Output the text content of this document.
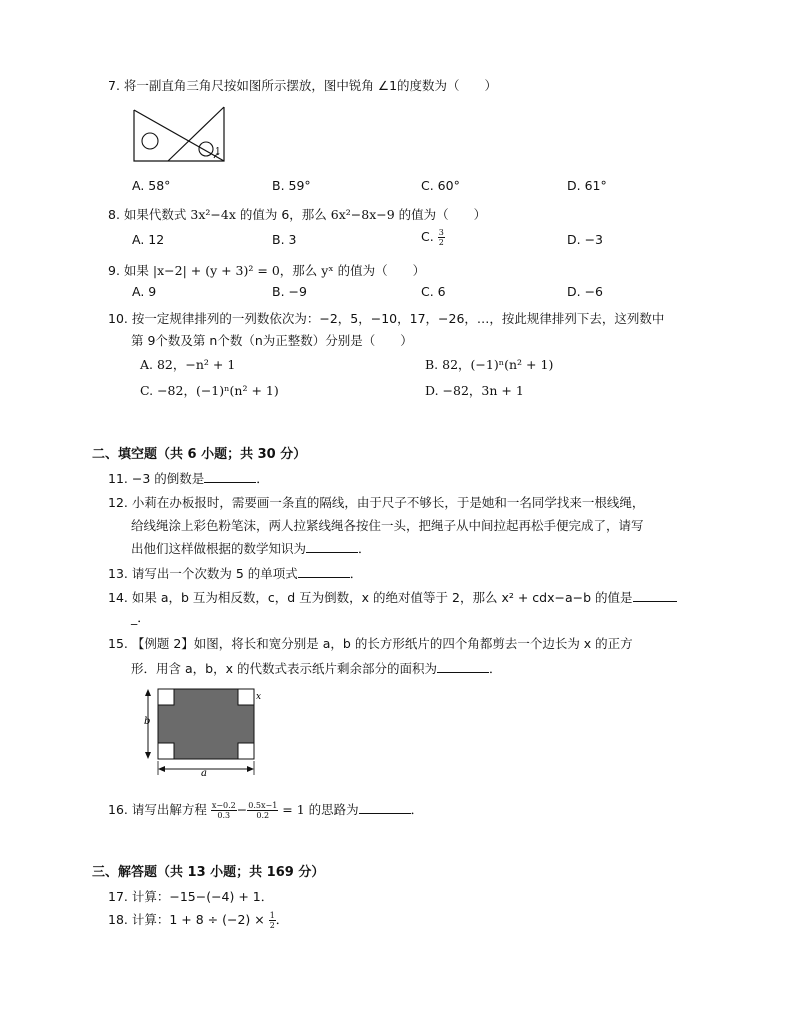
7. 将一副直角三角尺按如图所示摆放，图中锐角 ∠1的度数为（　　）
1
A. 58°	B. 59°	C. 60°	D. 61°
8. 如果代数式 3x²−4x 的值为 6，那么 6x²−8x−9 的值为（　　）
A. 12	B. 3	C. $\frac{3}{2}$	D. −3
9. 如果 |x−2| + (y + 3)² = 0，那么 yˣ 的值为（　　）
A. 9	B. −9	C. 6	D. −6
10. 按一定规律排列的一列数依次为：−2，5，−10，17，−26，…，按此规律排列下去，这列数中
第 9个数及第 n个数（n为正整数）分别是（　　）
A. 82，−n² + 1	B. 82，(−1)ⁿ(n² + 1)
C. −82，(−1)ⁿ(n² + 1)	D. −82，3n + 1
二、填空题（共 6 小题；共 30 分）
11. −3 的倒数是	．
12. 小莉在办板报时，需要画一条直的隔线，由于尺子不够长，于是她和一名同学找来一根线绳，
给线绳涂上彩色粉笔沫，两人拉紧线绳各按住一头，把绳子从中间拉起再松手便完成了，请写
出他们这样做根据的数学知识为	．
13. 请写出一个次数为 5 的单项式	．
14. 如果 a，b 互为相反数，c，d 互为倒数，x 的绝对值等于 2，那么 x² + cdx−a−b 的值是
_．
15. 【例题 2】如图，将长和宽分别是 a，b 的长方形纸片的四个角都剪去一个边长为 x 的正方
形．用含 a，b，x 的代数式表示纸片剩余部分的面积为	．
x
b
a
16. 请写出解方程 $\frac{x-0.2}{0.3} - \frac{0.5x-1}{0.2} = 1$ 的思路为	．
三、解答题（共 13 小题；共 169 分）
17. 计算：−15−(−4) + 1．
18. 计算：$1 + 8 \div (-2) \times \frac{1}{2}$ ．
